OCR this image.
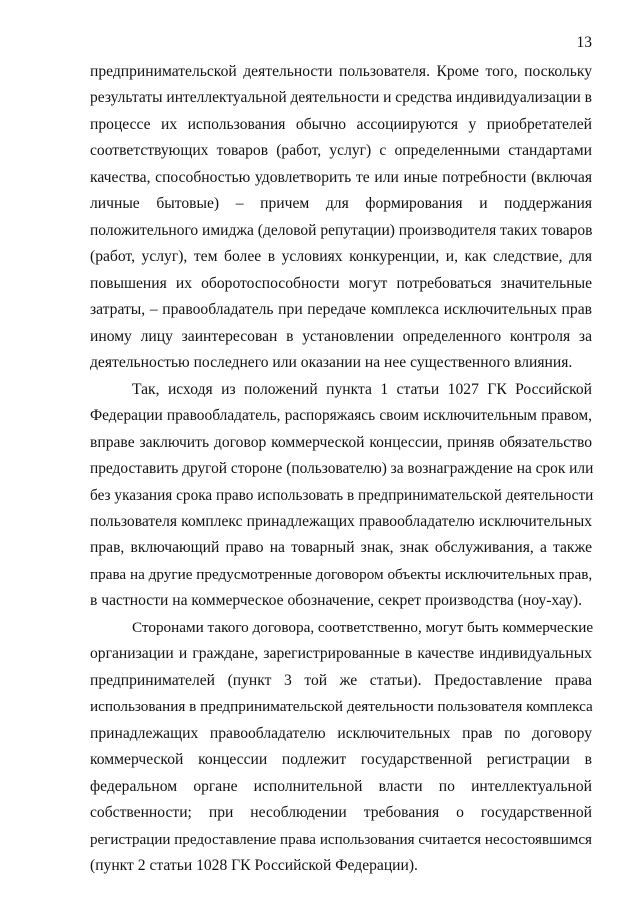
13
предпринимательской деятельности пользователя. Кроме того, поскольку
результаты интеллектуальной деятельности и средства индивидуализации в
процессе их использования обычно ассоциируются у приобретателей
соответствующих товаров (работ, услуг) с определенными стандартами
качества, способностью удовлетворить те или иные потребности (включая
личные бытовые) – причем для формирования и поддержания
положительного имиджа (деловой репутации) производителя таких товаров
(работ, услуг), тем более в условиях конкуренции, и, как следствие, для
повышения их оборотоспособности могут потребоваться значительные
затраты, – правообладатель при передаче комплекса исключительных прав
иному лицу заинтересован в установлении определенного контроля за
деятельностью последнего или оказании на нее существенного влияния.
Так, исходя из положений пункта 1 статьи 1027 ГК Российской
Федерации правообладатель, распоряжаясь своим исключительным правом,
вправе заключить договор коммерческой концессии, приняв обязательство
предоставить другой стороне (пользователю) за вознаграждение на срок или
без указания срока право использовать в предпринимательской деятельности
пользователя комплекс принадлежащих правообладателю исключительных
прав, включающий право на товарный знак, знак обслуживания, а также
права на другие предусмотренные договором объекты исключительных прав,
в частности на коммерческое обозначение, секрет производства (ноу-хау).
Сторонами такого договора, соответственно, могут быть коммерческие
организации и граждане, зарегистрированные в качестве индивидуальных
предпринимателей (пункт 3 той же статьи). Предоставление права
использования в предпринимательской деятельности пользователя комплекса
принадлежащих правообладателю исключительных прав по договору
коммерческой концессии подлежит государственной регистрации в
федеральном органе исполнительной власти по интеллектуальной
собственности; при несоблюдении требования о государственной
регистрации предоставление права использования считается несостоявшимся
(пункт 2 статьи 1028 ГК Российской Федерации).
